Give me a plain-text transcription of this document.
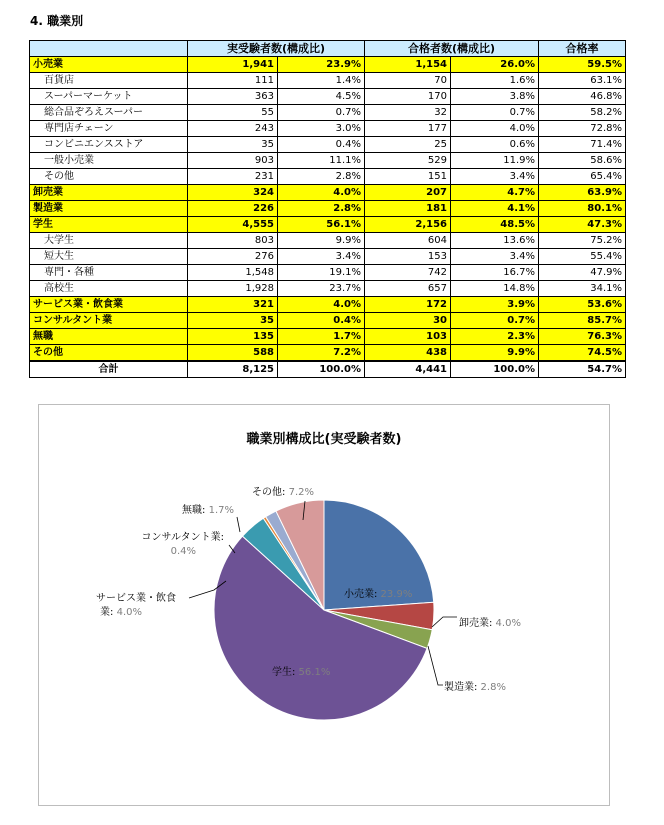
4. 職業別
	実受験者数(構成比)		合格者数(構成比)		合格率
小売業	1,941	23.9%	1,154	26.0%	59.5%
百貨店	111	1.4%	70	1.6%	63.1%
スーパーマーケット	363	4.5%	170	3.8%	46.8%
総合品ぞろえスーパー	55	0.7%	32	0.7%	58.2%
専門店チェーン	243	3.0%	177	4.0%	72.8%
コンビニエンスストア	35	0.4%	25	0.6%	71.4%
一般小売業	903	11.1%	529	11.9%	58.6%
その他	231	2.8%	151	3.4%	65.4%
卸売業	324	4.0%	207	4.7%	63.9%
製造業	226	2.8%	181	4.1%	80.1%
学生	4,555	56.1%	2,156	48.5%	47.3%
大学生	803	9.9%	604	13.6%	75.2%
短大生	276	3.4%	153	3.4%	55.4%
専門・各種	1,548	19.1%	742	16.7%	47.9%
高校生	1,928	23.7%	657	14.8%	34.1%
サービス業・飲食業	321	4.0%	172	3.9%	53.6%
コンサルタント業	35	0.4%	30	0.7%	85.7%
無職	135	1.7%	103	2.3%	76.3%
その他	588	7.2%	438	9.9%	74.5%
合計	8,125	100.0%	4,441	100.0%	54.7%
職業別構成比(実受験者数)
小売業: 23.9%
卸売業: 4.0%
製造業: 2.8%
学生: 56.1%
サービス業・飲食業: 4.0%
コンサルタント業: 0.4%
無職: 1.7%
その他: 7.2%
